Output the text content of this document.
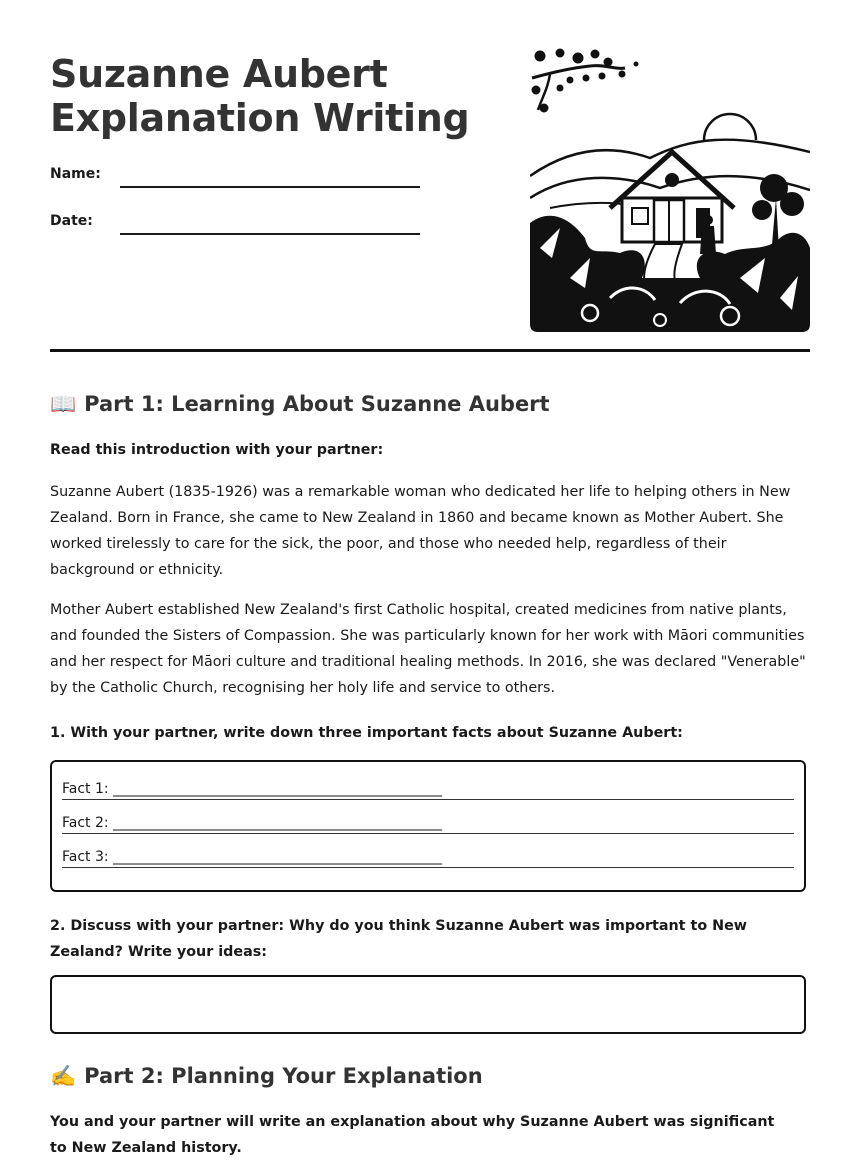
Suzanne Aubert
Explanation Writing
Name:
Date:
📖 Part 1: Learning About Suzanne Aubert

Read this introduction with your partner:

Suzanne Aubert (1835-1926) was a remarkable woman who dedicated her life to helping others in New Zealand. Born in France, she came to New Zealand in 1860 and became known as Mother Aubert. She worked tirelessly to care for the sick, the poor, and those who needed help, regardless of their background or ethnicity.

Mother Aubert established New Zealand's first Catholic hospital, created medicines from native plants, and founded the Sisters of Compassion. She was particularly known for her work with Māori communities and her respect for Māori culture and traditional healing methods. In 2016, she was declared "Venerable" by the Catholic Church, recognising her holy life and service to others.

1. With your partner, write down three important facts about Suzanne Aubert:

Fact 1: _______________________________________________
Fact 2: _______________________________________________
Fact 3: _______________________________________________

2. Discuss with your partner: Why do you think Suzanne Aubert was important to New Zealand? Write your ideas:

✍️ Part 2: Planning Your Explanation

You and your partner will write an explanation about why Suzanne Aubert was significant to New Zealand history.
